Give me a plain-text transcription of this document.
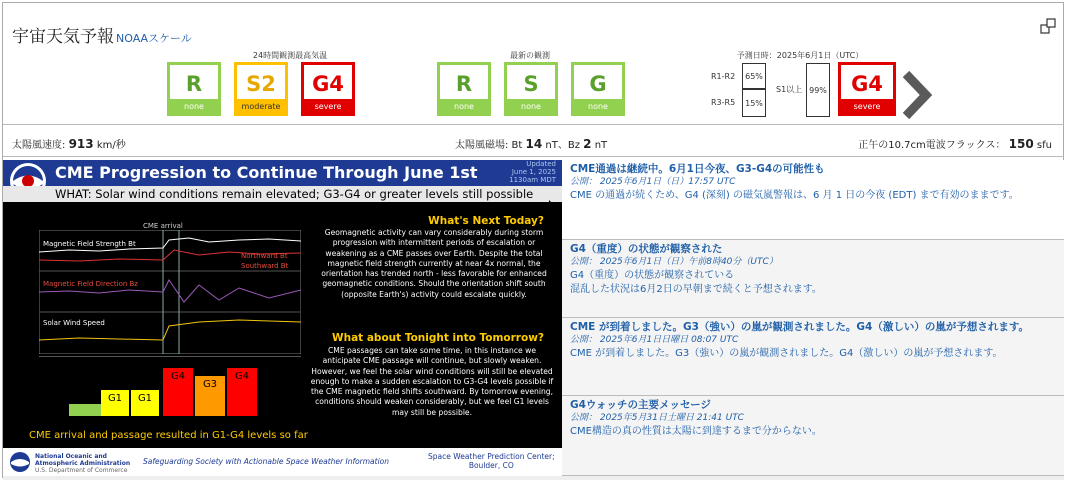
宇宙天気予報 NOAAスケール
24時間観測最高気温
R
none
S2
moderate
G4
severe
最新の観測
R
none
S
none
G
none
予測日時：2025年6月1日（UTC）
R1-R2	65%
R3-R5	15%
S1以上 99%	G4
severe
太陽風速度: 913 km/秒	太陽風磁場: Bt 14 nT、Bz 2 nT	正午の10.7cm電波フラックス： 150 sfu
CME Progression to Continue Through June 1st	Updated
June 1, 2025
1130am MDT
WHAT: Solar wind conditions remain elevated; G3-G4 or greater levels still possible
CME arrival
Magnetic Field Strength Bt
Northward Bt
Southward Bt
Magnetic Field Direction Bz
Solar Wind Speed
G1 G1
G4
G3
G4
What's Next Today?
Geomagnetic activity can vary considerably during storm progression with intermittent periods of escalation or weakening as a CME passes over Earth. Despite the total magnetic field strength currently at near 4x normal, the orientation has trended north - less favorable for enhanced geomagnetic conditions. Should the orientation shift south (opposite Earth's) activity could escalate quickly.
What about Tonight into Tomorrow?
CME passages can take some time, in this instance we anticipate CME passage will continue, but slowly weaken. However, we feel the solar wind conditions will still be elevated enough to make a sudden escalation to G3-G4 levels possible if the CME magnetic field shifts southward. By tomorrow evening, conditions should weaken considerably, but we feel G1 levels may still be possible.
CME arrival and passage resulted in G1-G4 levels so far
National Oceanic and
Atmospheric Administration
U.S. Department of Commerce
Safeguarding Society with Actionable Space Weather Information
Space Weather Prediction Center;
Boulder, CO
CME通過は継続中。6月1日今夜、G3-G4の可能性も
公開： 2025年6月1日（日）17:57 UTC
CME の通過が続くため、G4 (深刻) の磁気嵐警報は、6 月 1 日の今夜 (EDT) まで有効のままです。
G4（重度）の状態が観察された
公開： 2025年6月1日（日）午前8時40分（UTC）
G4（重度）の状態が観察されている
混乱した状況は6月2日の早朝まで続くと予想されます。
CME が到着しました。G3（強い）の嵐が観測されました。G4（激しい）の嵐が予想されます。
公開： 2025年6月1日日曜日 08:07 UTC
CME が到着しました。G3（強い）の嵐が観測されました。G4（激しい）の嵐が予想されます。
G4ウォッチの主要メッセージ
公開： 2025年5月31日土曜日 21:41 UTC
CME構造の真の性質は太陽に到達するまで分からない。
